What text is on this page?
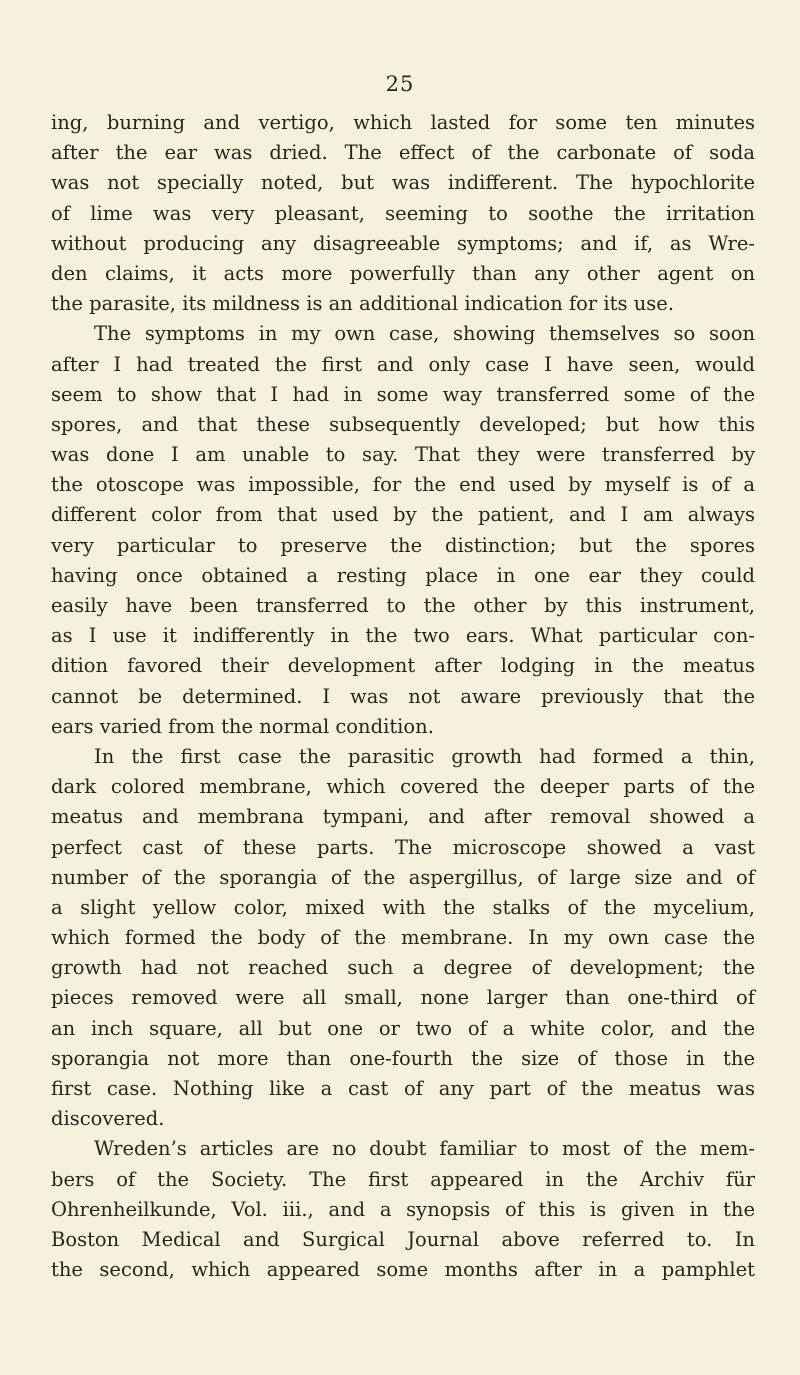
25
ing, burning and vertigo, which lasted for some ten minutes
after the ear was dried. The effect of the carbonate of soda
was not specially noted, but was indifferent. The hypochlorite
of lime was very pleasant, seeming to soothe the irritation
without producing any disagreeable symptoms; and if, as Wre-
den claims, it acts more powerfully than any other agent on
the parasite, its mildness is an additional indication for its use.
The symptoms in my own case, showing themselves so soon
after I had treated the first and only case I have seen, would
seem to show that I had in some way transferred some of the
spores, and that these subsequently developed; but how this
was done I am unable to say. That they were transferred by
the otoscope was impossible, for the end used by myself is of a
different color from that used by the patient, and I am always
very particular to preserve the distinction; but the spores
having once obtained a resting place in one ear they could
easily have been transferred to the other by this instrument,
as I use it indifferently in the two ears. What particular con-
dition favored their development after lodging in the meatus
cannot be determined. I was not aware previously that the
ears varied from the normal condition.
In the first case the parasitic growth had formed a thin,
dark colored membrane, which covered the deeper parts of the
meatus and membrana tympani, and after removal showed a
perfect cast of these parts. The microscope showed a vast
number of the sporangia of the aspergillus, of large size and of
a slight yellow color, mixed with the stalks of the mycelium,
which formed the body of the membrane. In my own case the
growth had not reached such a degree of development; the
pieces removed were all small, none larger than one-third of
an inch square, all but one or two of a white color, and the
sporangia not more than one-fourth the size of those in the
first case. Nothing like a cast of any part of the meatus was
discovered.
Wreden’s articles are no doubt familiar to most of the mem-
bers of the Society. The first appeared in the Archiv für
Ohrenheilkunde, Vol. iii., and a synopsis of this is given in the
Boston Medical and Surgical Journal above referred to. In
the second, which appeared some months after in a pamphlet
